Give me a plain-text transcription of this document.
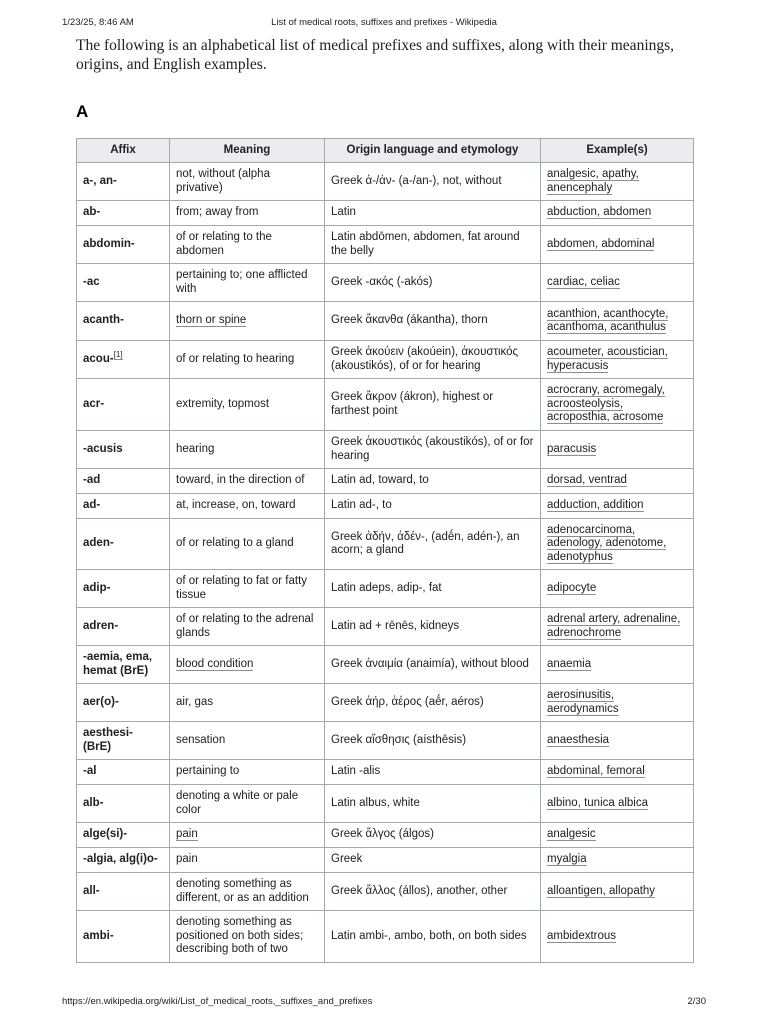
1/23/25, 8:46 AM	List of medical roots, suffixes and prefixes - Wikipedia

The following is an alphabetical list of medical prefixes and suffixes, along with their meanings, origins, and English examples.

A
Affix	Meaning	Origin language and etymology	Example(s)
a-, an-	not, without (alpha privative)	Greek ἀ-/ἀν- (a-/an-), not, without	analgesic, apathy, anencephaly
ab-	from; away from	Latin	abduction, abdomen
abdomin-	of or relating to the abdomen	Latin abdōmen, abdomen, fat around the belly	abdomen, abdominal
-ac	pertaining to; one afflicted with	Greek -ακός (-akós)	cardiac, celiac
acanth-	thorn or spine	Greek ἄκανθα (ákantha), thorn	acanthion, acanthocyte, acanthoma, acanthulus
acou-[1]	of or relating to hearing	Greek ἀκούειν (akoúein), ἀκουστικός (akoustikós), of or for hearing	acoumeter, acoustician, hyperacusis
acr-	extremity, topmost	Greek ἄκρον (ákron), highest or farthest point	acrocrany, acromegaly, acroosteolysis, acroposthia, acrosome
-acusis	hearing	Greek ἀκουστικός (akoustikós), of or for hearing	paracusis
-ad	toward, in the direction of	Latin ad, toward, to	dorsad, ventrad
ad-	at, increase, on, toward	Latin ad-, to	adduction, addition
aden-	of or relating to a gland	Greek ἀδήν, ἀδέν-, (adḗn, adén-), an acorn; a gland	adenocarcinoma, adenology, adenotome, adenotyphus
adip-	of or relating to fat or fatty tissue	Latin adeps, adip-, fat	adipocyte
adren-	of or relating to the adrenal glands	Latin ad + rēnēs, kidneys	adrenal artery, adrenaline, adrenochrome
-aemia, ema, hemat (BrE)	blood condition	Greek ἀναιμία (anaimía), without blood	anaemia
aer(o)-	air, gas	Greek ἀήρ, ἀέρος (aḗr, aéros)	aerosinusitis, aerodynamics
aesthesi- (BrE)	sensation	Greek αἴσθησις (aísthēsis)	anaesthesia
-al	pertaining to	Latin -alis	abdominal, femoral
alb-	denoting a white or pale color	Latin albus, white	albino, tunica albica
alge(si)-	pain	Greek ἄλγος (álgos)	analgesic
-algia, alg(i)o-	pain	Greek	myalgia
all-	denoting something as different, or as an addition	Greek ἄλλος (állos), another, other	alloantigen, allopathy
ambi-	denoting something as positioned on both sides; describing both of two	Latin ambi-, ambo, both, on both sides	ambidextrous
https://en.wikipedia.org/wiki/List_of_medical_roots,_suffixes_and_prefixes	2/30
